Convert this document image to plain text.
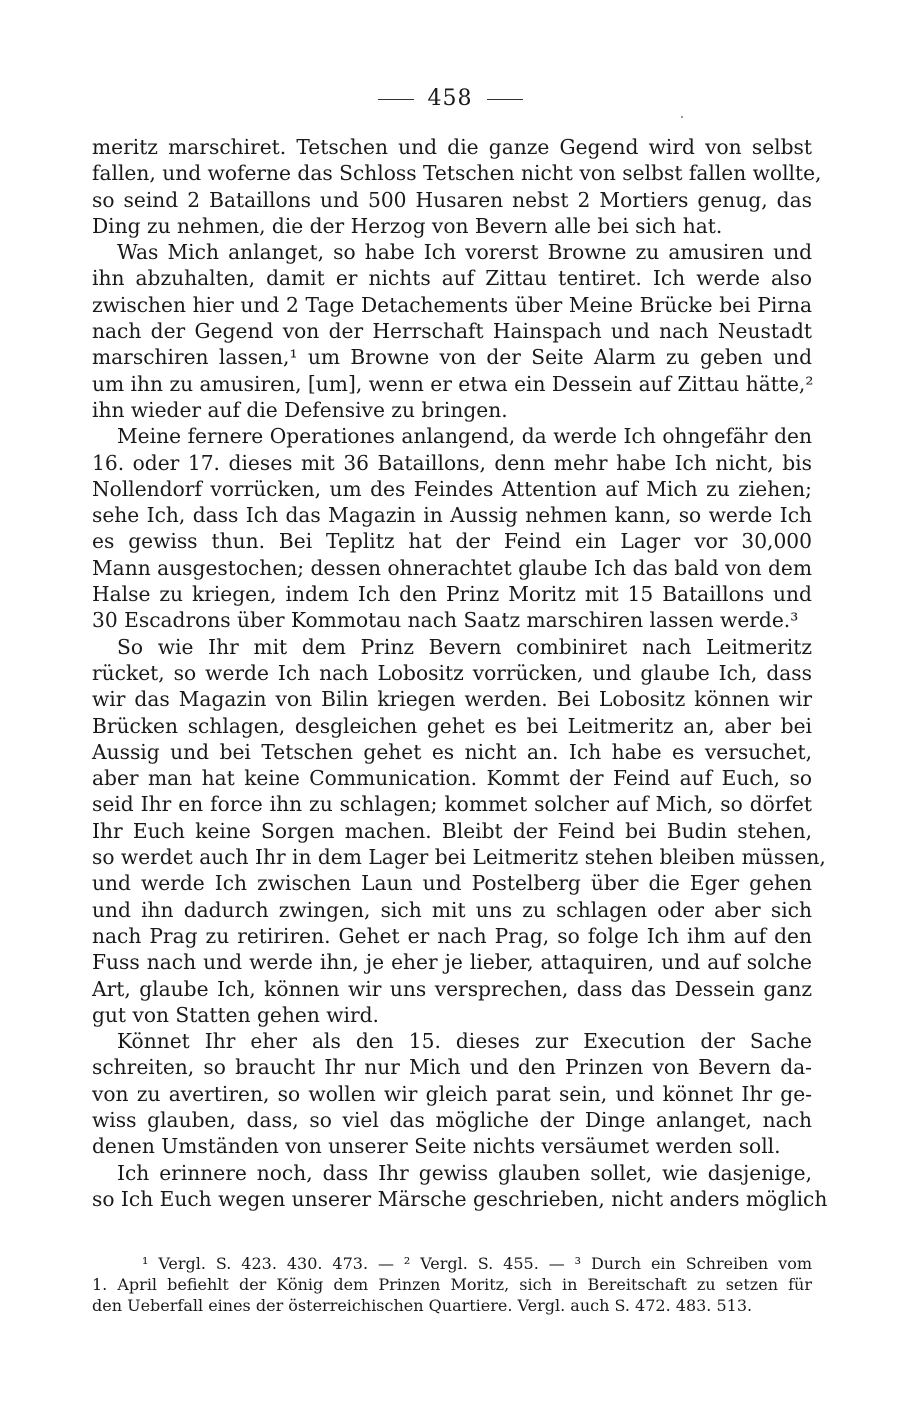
458
meritz marschiret. Tetschen und die ganze Gegend wird von selbst
fallen, und woferne das Schloss Tetschen nicht von selbst fallen wollte,
so seind 2 Bataillons und 500 Husaren nebst 2 Mortiers genug, das
Ding zu nehmen, die der Herzog von Bevern alle bei sich hat.
Was Mich anlanget, so habe Ich vorerst Browne zu amusiren und
ihn abzuhalten, damit er nichts auf Zittau tentiret. Ich werde also
zwischen hier und 2 Tage Detachements über Meine Brücke bei Pirna
nach der Gegend von der Herrschaft Hainspach und nach Neustadt
marschiren lassen,¹ um Browne von der Seite Alarm zu geben und
um ihn zu amusiren, [um], wenn er etwa ein Dessein auf Zittau hätte,²
ihn wieder auf die Defensive zu bringen.
Meine fernere Operationes anlangend, da werde Ich ohngefähr den
16. oder 17. dieses mit 36 Bataillons, denn mehr habe Ich nicht, bis
Nollendorf vorrücken, um des Feindes Attention auf Mich zu ziehen;
sehe Ich, dass Ich das Magazin in Aussig nehmen kann, so werde Ich
es gewiss thun. Bei Teplitz hat der Feind ein Lager vor 30,000
Mann ausgestochen; dessen ohnerachtet glaube Ich das bald von dem
Halse zu kriegen, indem Ich den Prinz Moritz mit 15 Bataillons und
30 Escadrons über Kommotau nach Saatz marschiren lassen werde.³
So wie Ihr mit dem Prinz Bevern combiniret nach Leitmeritz
rücket, so werde Ich nach Lobositz vorrücken, und glaube Ich, dass
wir das Magazin von Bilin kriegen werden. Bei Lobositz können wir
Brücken schlagen, desgleichen gehet es bei Leitmeritz an, aber bei
Aussig und bei Tetschen gehet es nicht an. Ich habe es versuchet,
aber man hat keine Communication. Kommt der Feind auf Euch, so
seid Ihr en force ihn zu schlagen; kommet solcher auf Mich, so dörfet
Ihr Euch keine Sorgen machen. Bleibt der Feind bei Budin stehen,
so werdet auch Ihr in dem Lager bei Leitmeritz stehen bleiben müssen,
und werde Ich zwischen Laun und Postelberg über die Eger gehen
und ihn dadurch zwingen, sich mit uns zu schlagen oder aber sich
nach Prag zu retiriren. Gehet er nach Prag, so folge Ich ihm auf den
Fuss nach und werde ihn, je eher je lieber, attaquiren, und auf solche
Art, glaube Ich, können wir uns versprechen, dass das Dessein ganz
gut von Statten gehen wird.
Könnet Ihr eher als den 15. dieses zur Execution der Sache
schreiten, so braucht Ihr nur Mich und den Prinzen von Bevern da-
von zu avertiren, so wollen wir gleich parat sein, und könnet Ihr ge-
wiss glauben, dass, so viel das mögliche der Dinge anlanget, nach
denen Umständen von unserer Seite nichts versäumet werden soll.
Ich erinnere noch, dass Ihr gewiss glauben sollet, wie dasjenige,
so Ich Euch wegen unserer Märsche geschrieben, nicht anders möglich
¹ Vergl. S. 423. 430. 473. — ² Vergl. S. 455. — ³ Durch ein Schreiben vom
1. April befiehlt der König dem Prinzen Moritz, sich in Bereitschaft zu setzen für
den Ueberfall eines der österreichischen Quartiere. Vergl. auch S. 472. 483. 513.
